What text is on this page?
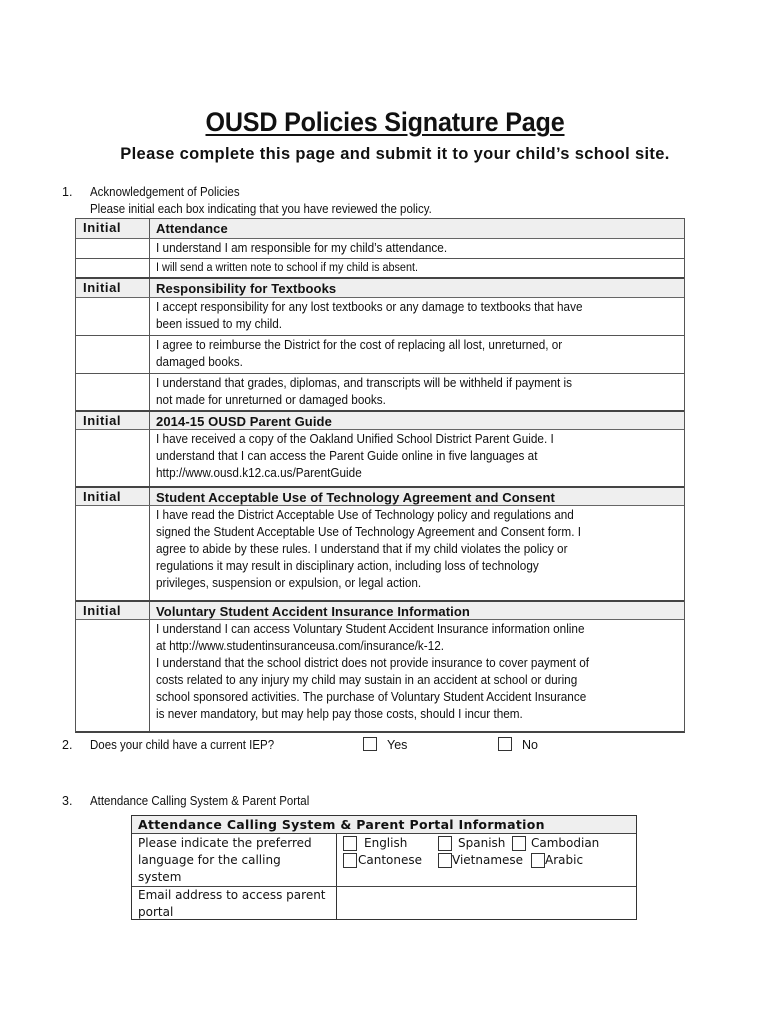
OUSD Policies Signature Page
Please complete this page and submit it to your child’s school site.
1. Acknowledgement of Policies
Please initial each box indicating that you have reviewed the policy.
Initial	Attendance
I understand I am responsible for my child’s attendance.
I will send a written note to school if my child is absent.
Initial	Responsibility for Textbooks
I accept responsibility for any lost textbooks or any damage to textbooks that have
been issued to my child.
I agree to reimburse the District for the cost of replacing all lost, unreturned, or
damaged books.
I understand that grades, diplomas, and transcripts will be withheld if payment is
not made for unreturned or damaged books.
Initial	2014-15 OUSD Parent Guide
I have received a copy of the Oakland Unified School District Parent Guide. I
understand that I can access the Parent Guide online in five languages at
http://www.ousd.k12.ca.us/ParentGuide
Initial	Student Acceptable Use of Technology Agreement and Consent
I have read the District Acceptable Use of Technology policy and regulations and
signed the Student Acceptable Use of Technology Agreement and Consent form. I
agree to abide by these rules. I understand that if my child violates the policy or
regulations it may result in disciplinary action, including loss of technology
privileges, suspension or expulsion, or legal action.
Initial	Voluntary Student Accident Insurance Information
I understand I can access Voluntary Student Accident Insurance information online
at http://www.studentinsuranceusa.com/insurance/k-12.
I understand that the school district does not provide insurance to cover payment of
costs related to any injury my child may sustain in an accident at school or during
school sponsored activities. The purchase of Voluntary Student Accident Insurance
is never mandatory, but may help pay those costs, should I incur them.
2. Does your child have a current IEP?	Yes	No
3. Attendance Calling System & Parent Portal
Attendance Calling System & Parent Portal Information
Please indicate the preferred
language for the calling
system
English	Spanish Cambodian
Cantonese Vietnamese Arabic
Email address to access parent
portal
